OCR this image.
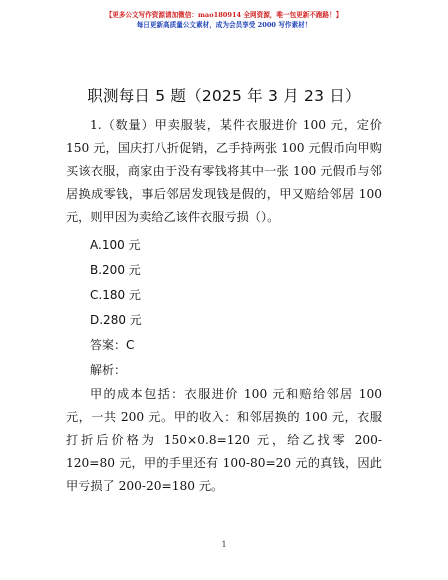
【更多公文写作资源请加微信：mao180914 全网资源，唯一包更新不跑路！】
每日更新高质量公文素材，成为会员享受 2000 写作素材！
职测每日 5 题（2025 年 3 月 23 日）

1.（数量）甲卖服装，某件衣服进价 100 元，定价 150 元，国庆打八折促销，乙手持两张 100 元假币向甲购买该衣服，商家由于没有零钱将其中一张 100 元假币与邻居换成零钱，事后邻居发现钱是假的，甲又赔给邻居 100 元，则甲因为卖给乙该件衣服亏损（）。

A.100 元

B.200 元

C.180 元

D.280 元

答案：C

解析：

甲的成本包括：衣服进价 100 元和赔给邻居 100 元，一共 200 元。甲的收入：和邻居换的 100 元，衣服打折后价格为 150×0.8=120 元，给乙找零 200-120=80 元，甲的手里还有 100-80=20 元的真钱，因此甲亏损了 200-20=180 元。

1
